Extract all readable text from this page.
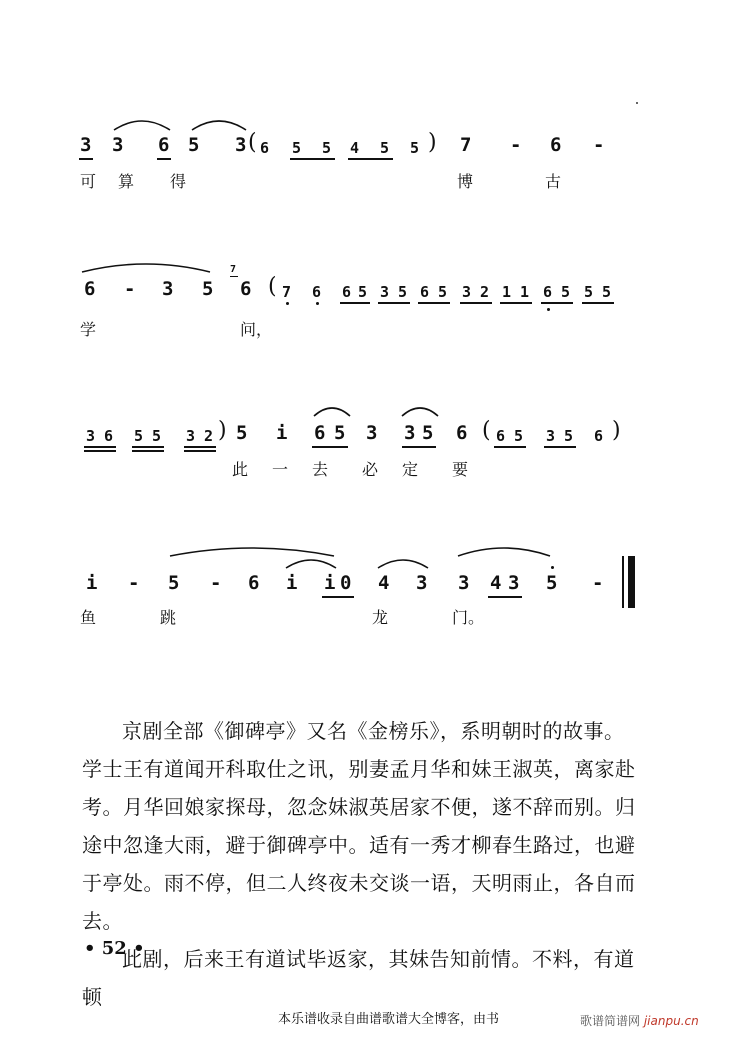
3 3 6 5 3 ( 6 5 5 4 5 5 ) 7 - 6 -
可 算 得	博	古
6 - 3 5
7
6 ( 7 6 6 5 3 5 6 5 3 2 1 1 6 5 5 5
学	问，
3 6 5 5 3 2 ) 5 i 6 5 3 3 5 6 ( 6 5 3 5 6 )
此 一 去 必 定 要
i - 5 - 6 i i 0 4 3 3 4 3 5 -
鱼	跳	龙	门。

京剧全部《御碑亭》又名《金榜乐》，系明朝时的故事。学士王有道闻开科取仕之讯，别妻孟月华和妹王淑英，离家赴考。月华回娘家探母，忽念妹淑英居家不便，遂不辞而别。归途中忽逢大雨，避于御碑亭中。适有一秀才柳春生路过，也避于亭处。雨不停，但二人终夜未交谈一语，天明雨止，各自而去。

此剧，后来王有道试毕返家，其妹告知前情。不料，有道顿

• 52 •
本乐谱收录自曲谱歌谱大全博客，由书	歌谱简谱网 jianpu.cn
